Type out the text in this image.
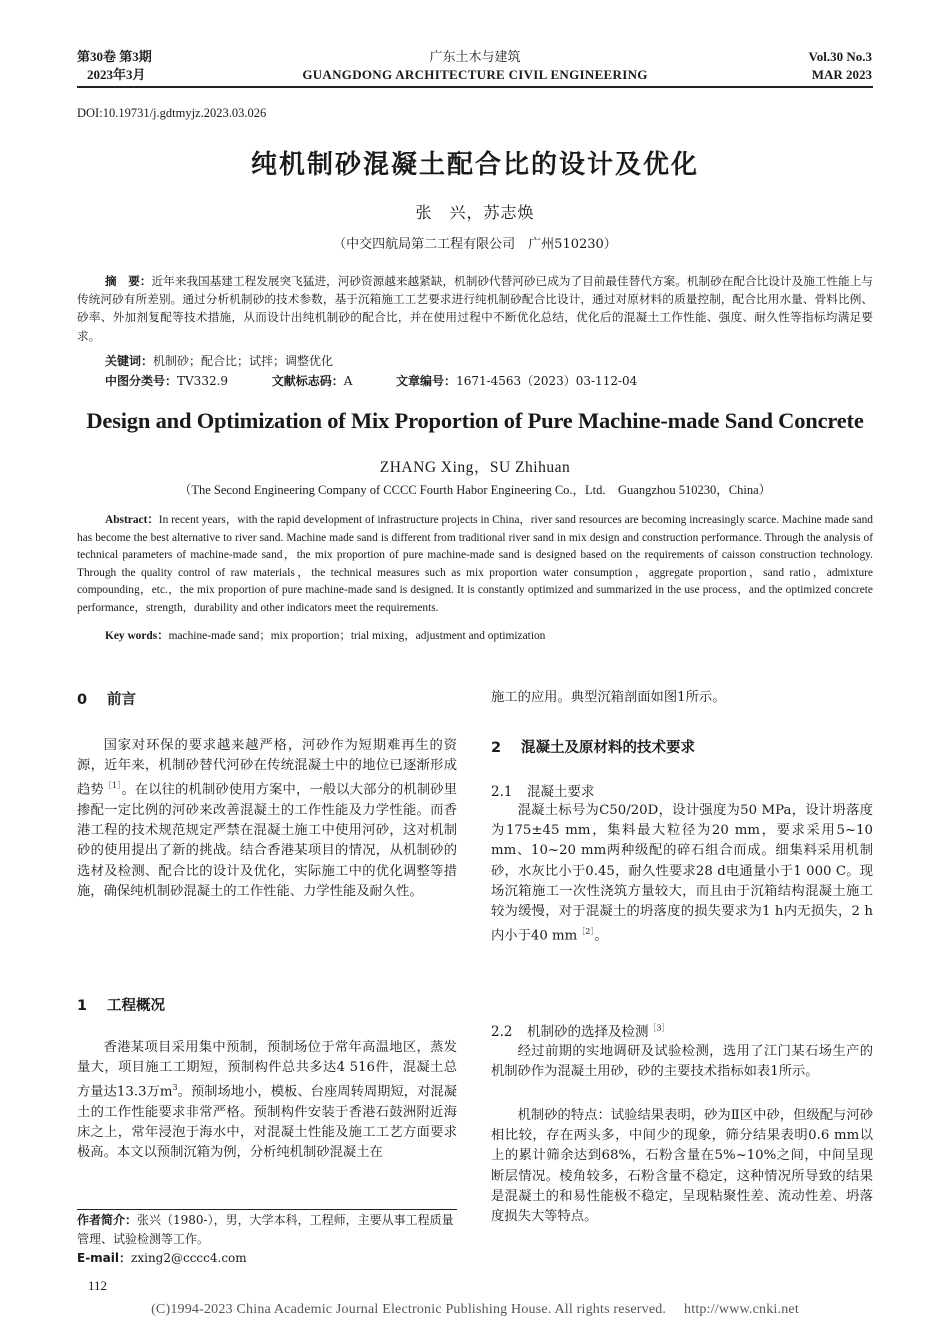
第30卷 第3期
2023年3月
广东土木与建筑
GUANGDONG ARCHITECTURE CIVIL ENGINEERING
Vol.30 No.3
MAR 2023
DOI:10.19731/j.gdtmyjz.2023.03.026
纯机制砂混凝土配合比的设计及优化
张　兴，苏志焕
（中交四航局第二工程有限公司　广州510230）
摘　要：近年来我国基建工程发展突飞猛进，河砂资源越来越紧缺，机制砂代替河砂已成为了目前最佳替代方案。机制砂在配合比设计及施工性能上与传统河砂有所差别。通过分析机制砂的技术参数，基于沉箱施工工艺要求进行纯机制砂配合比设计，通过对原材料的质量控制，配合比用水量、骨料比例、砂率、外加剂复配等技术措施，从而设计出纯机制砂的配合比，并在使用过程中不断优化总结，优化后的混凝土工作性能、强度、耐久性等指标均满足要求。
关键词：机制砂；配合比；试拌；调整优化
中图分类号：TV332.9	文献标志码：A	文章编号：1671-4563（2023）03-112-04
Design and Optimization of Mix Proportion of Pure Machine-made Sand Concrete
ZHANG Xing，SU Zhihuan
（The Second Engineering Company of CCCC Fourth Habor Engineering Co.，Ltd.　Guangzhou 510230，China）
Abstract：In recent years，with the rapid development of infrastructure projects in China，river sand resources are becoming increasingly scarce. Machine made sand has become the best alternative to river sand. Machine made sand is different from traditional river sand in mix design and construction performance. Through the analysis of technical parameters of machine-made sand，the mix proportion of pure machine-made sand is designed based on the requirements of caisson construction technology. Through the quality control of raw materials，the technical measures such as mix proportion water consumption，aggregate proportion，sand ratio，admixture compounding，etc.，the mix proportion of pure machine-made sand is designed. It is constantly optimized and summarized in the use process，and the optimized concrete performance，strength，durability and other indicators meet the requirements.
Key words：machine-made sand；mix proportion；trial mixing，adjustment and optimization
0 前言
国家对环保的要求越来越严格，河砂作为短期难再生的资源，近年来，机制砂替代河砂在传统混凝土中的地位已逐渐形成趋势$^{[1]}$。在以往的机制砂使用方案中，一般以大部分的机制砂里掺配一定比例的河砂来改善混凝土的工作性能及力学性能。而香港工程的技术规范规定严禁在混凝土施工中使用河砂，这对机制砂的使用提出了新的挑战。结合香港某项目的情况，从机制砂的选材及检测、配合比的设计及优化，实际施工中的优化调整等措施，确保纯机制砂混凝土的工作性能、力学性能及耐久性。
1 工程概况
香港某项目采用集中预制，预制场位于常年高温地区，蒸发量大，项目施工工期短，预制构件总共多达4 516件，混凝土总方量达13.3万$m^3$。预制场地小，模板、台座周转周期短，对混凝土的工作性能要求非常严格。预制构件安装于香港石鼓洲附近海床之上，常年浸泡于海水中，对混凝土性能及施工工艺方面要求极高。本文以预制沉箱为例，分析纯机制砂混凝土在
作者简介：张兴（1980-），男，大学本科，工程师，主要从事工程质量管理、试验检测等工作。
E-mail：zxing2@cccc4.com
112
施工的应用。典型沉箱剖面如图1所示。
2 混凝土及原材料的技术要求
2.1 混凝土要求
混凝土标号为C50/20D，设计强度为50 MPa，设计坍落度为175±45 mm，集料最大粒径为20 mm，要求采用5~10 mm、10~20 mm两种级配的碎石组合而成。细集料采用机制砂，水灰比小于0.45，耐久性要求28 d电通量小于1 000 C。现场沉箱施工一次性浇筑方量较大，而且由于沉箱结构混凝土施工较为缓慢，对于混凝土的坍落度的损失要求为1 h内无损失，2 h内小于40 $mm^{[2]}$。
2.2 机制砂的选择及检测$^{[3]}$
经过前期的实地调研及试验检测，选用了江门某石场生产的机制砂作为混凝土用砂，砂的主要技术指标如表1所示。
机制砂的特点：试验结果表明，砂为Ⅱ区中砂，但级配与河砂相比较，存在两头多，中间少的现象，筛分结果表明0.6 mm以上的累计筛余达到68%，石粉含量在5%~10%之间，中间呈现断层情况。棱角较多，石粉含量不稳定，这种情况所导致的结果是混凝土的和易性能极不稳定，呈现粘聚性差、流动性差、坍落度损失大等特点。
(C)1994-2023 China Academic Journal Electronic Publishing House. All rights reserved.　 http://www.cnki.net
